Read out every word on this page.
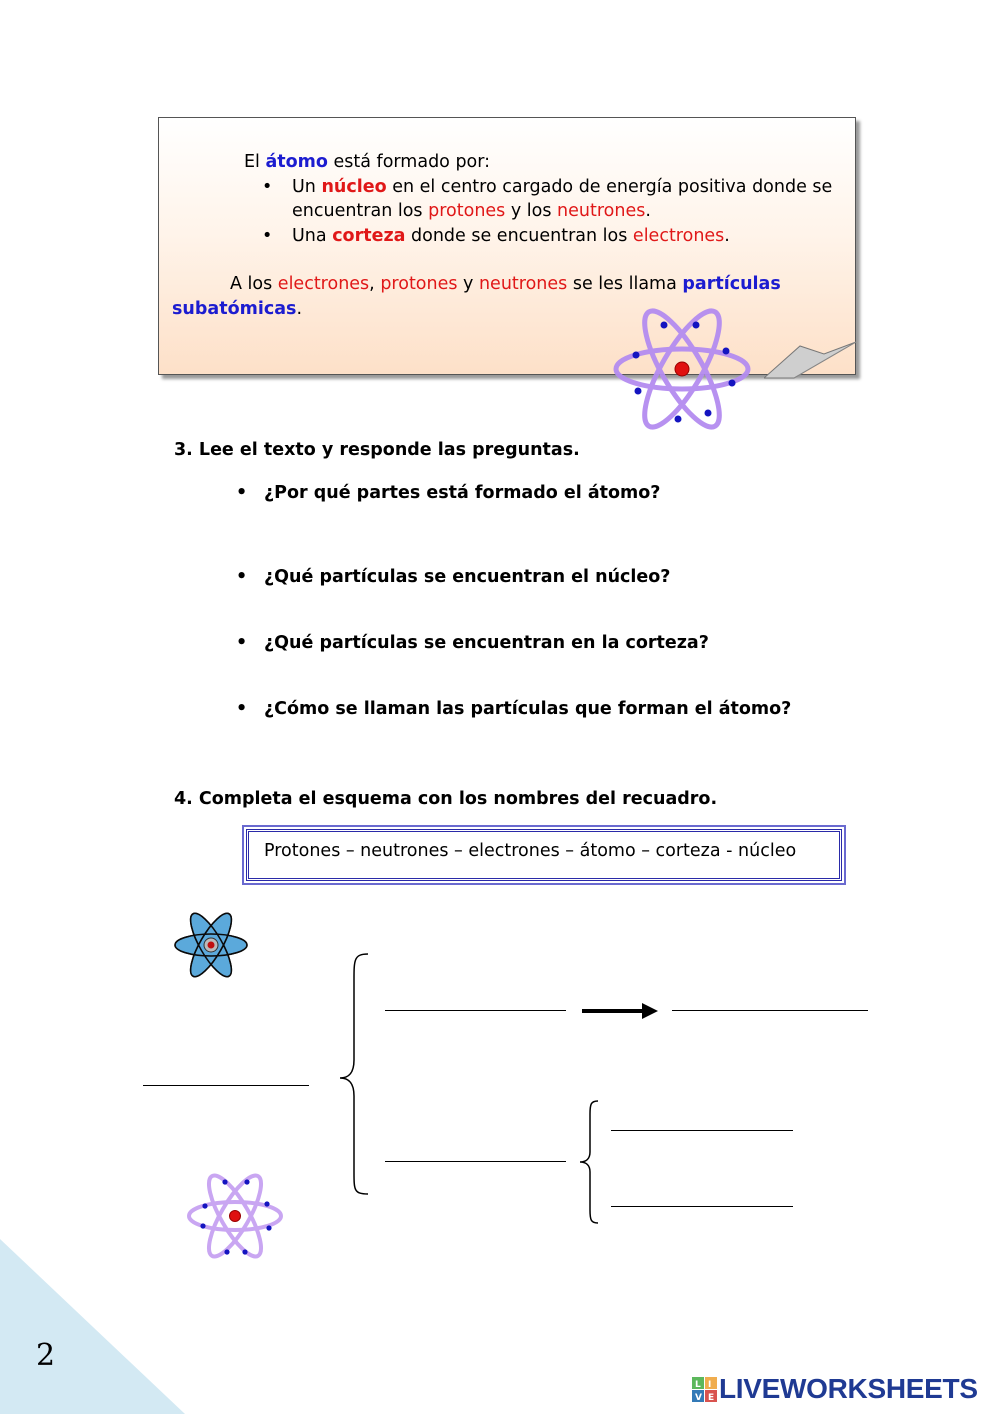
2
El átomo está formado por:
• Un núcleo en el centro cargado de energía positiva donde se encuentran los protones y los neutrones.
• Una corteza donde se encuentran los electrones.
A los electrones, protones y neutrones se les llama partículas subatómicas.
3. Lee el texto y responde las preguntas.
• ¿Por qué partes está formado el átomo?
• ¿Qué partículas se encuentran el núcleo?
• ¿Qué partículas se encuentran en la corteza?
• ¿Cómo se llaman las partículas que forman el átomo?
4. Completa el esquema con los nombres del recuadro.
Protones – neutrones – electrones – átomo – corteza - núcleo
L I
V E LIVEWORKSHEETS
